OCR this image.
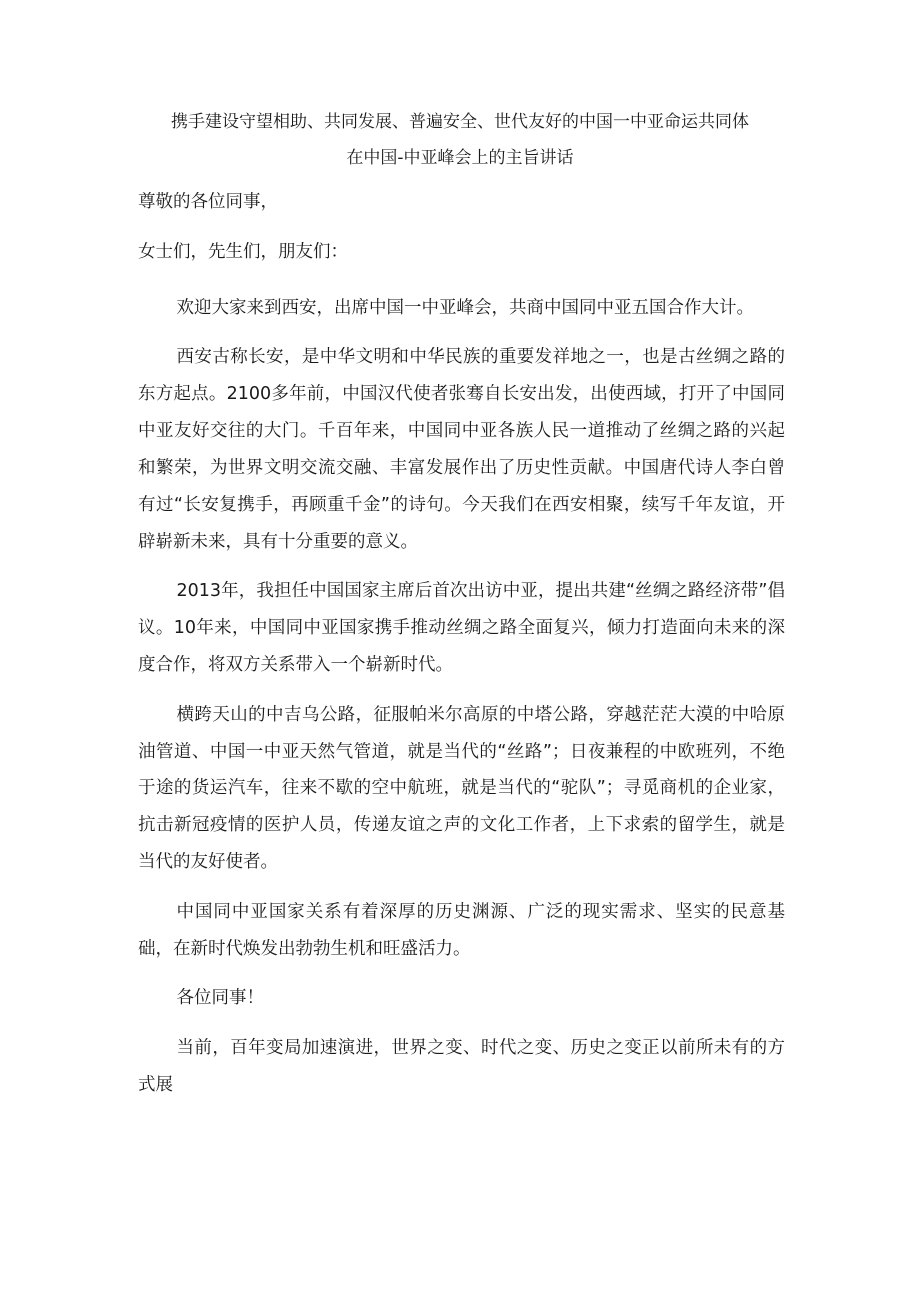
携手建设守望相助、共同发展、普遍安全、世代友好的中国一中亚命运共同体
在中国-中亚峰会上的主旨讲话

尊敬的各位同事，

女士们，先生们，朋友们：

欢迎大家来到西安，出席中国一中亚峰会，共商中国同中亚五国合作大计。

西安古称长安，是中华文明和中华民族的重要发祥地之一，也是古丝绸之路的东方起点。2100多年前，中国汉代使者张骞自长安出发，出使西域，打开了中国同中亚友好交往的大门。千百年来，中国同中亚各族人民一道推动了丝绸之路的兴起和繁荣，为世界文明交流交融、丰富发展作出了历史性贡献。中国唐代诗人李白曾有过“长安复携手，再顾重千金”的诗句。今天我们在西安相聚，续写千年友谊，开辟崭新未来，具有十分重要的意义。

2013年，我担任中国国家主席后首次出访中亚，提出共建“丝绸之路经济带”倡议。10年来，中国同中亚国家携手推动丝绸之路全面复兴，倾力打造面向未来的深度合作，将双方关系带入一个崭新时代。

横跨天山的中吉乌公路，征服帕米尔高原的中塔公路，穿越茫茫大漠的中哈原油管道、中国一中亚天然气管道，就是当代的“丝路”；日夜兼程的中欧班列，不绝于途的货运汽车，往来不歇的空中航班，就是当代的“驼队”；寻觅商机的企业家，抗击新冠疫情的医护人员，传递友谊之声的文化工作者，上下求索的留学生，就是当代的友好使者。

中国同中亚国家关系有着深厚的历史渊源、广泛的现实需求、坚实的民意基础，在新时代焕发出勃勃生机和旺盛活力。

各位同事！

当前，百年变局加速演进，世界之变、时代之变、历史之变正以前所未有的方式展
